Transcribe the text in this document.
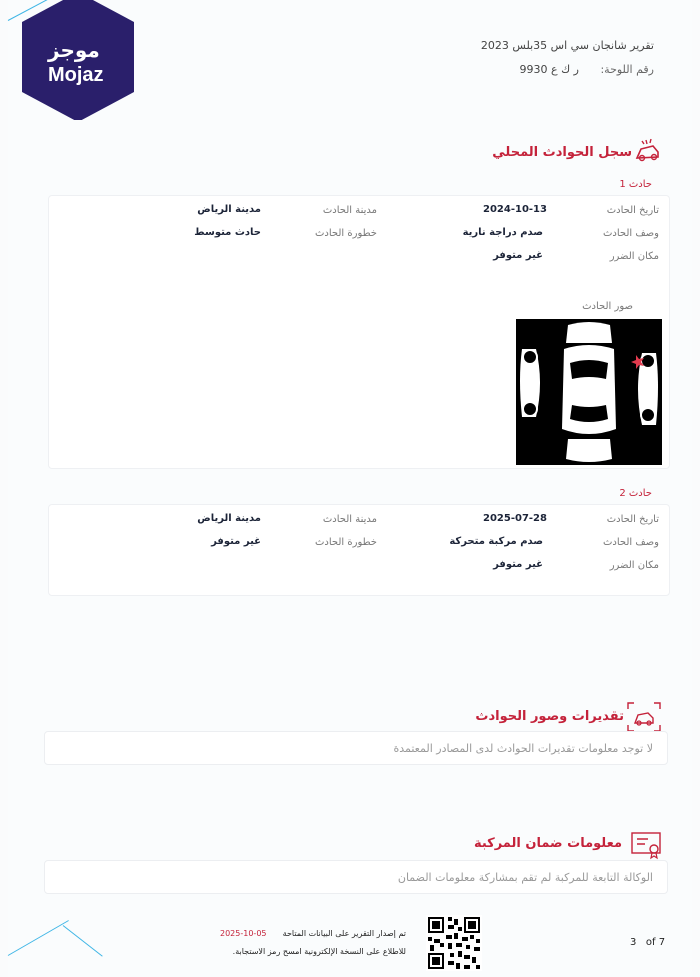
موجز
Mojaz
تقرير شانجان سي اس 35بلس 2023
رقم اللوحة: ر ك ع 9930
سجل الحوادث المحلي
حادث 1
تاريخ الحادث
2024-10-13
مدينة الحادث
مدينة الرياض
وصف الحادث
صدم دراجة نارية
خطورة الحادث
حادث متوسط
مكان الضرر
غير متوفر
صور الحادث
حادث 2
تاريخ الحادث
2025-07-28
مدينة الحادث
مدينة الرياض
وصف الحادث
صدم مركبة متحركة
خطورة الحادث
غير متوفر
مكان الضرر
غير متوفر
تقديرات وصور الحوادث
لا توجد معلومات تقديرات الحوادث لدى المصادر المعتمدة
معلومات ضمان المركبة
الوكالة التابعة للمركبة لم تقم بمشاركة معلومات الضمان
تم إصدار التقرير على البيانات المتاحة
2025-10-05
للاطلاع على النسخة الإلكترونية امسح رمز الاستجابة.
3 of 7
